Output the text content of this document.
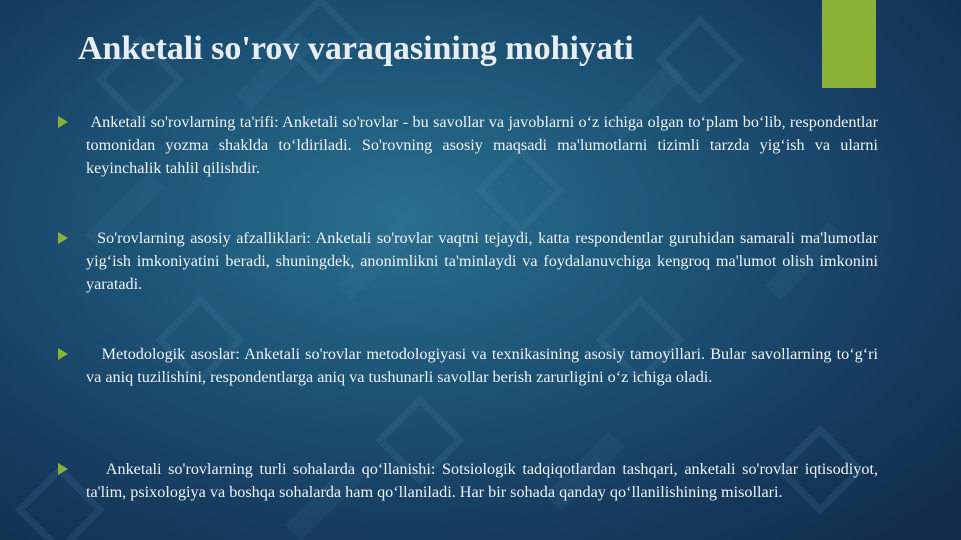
Anketali so'rov varaqasining mohiyati
Anketali so'rovlarning ta'rifi: Anketali so'rovlar - bu savollar va javoblarni o‘z ichiga olgan to‘plam bo‘lib, respondentlar tomonidan yozma shaklda to‘ldiriladi. So'rovning asosiy maqsadi ma'lumotlarni tizimli tarzda yig‘ish va ularni keyinchalik tahlil qilishdir.
So'rovlarning asosiy afzalliklari: Anketali so'rovlar vaqtni tejaydi, katta respondentlar guruhidan samarali ma'lumotlar yig‘ish imkoniyatini beradi, shuningdek, anonimlikni ta'minlaydi va foydalanuvchiga kengroq ma'lumot olish imkonini yaratadi.
Metodologik asoslar: Anketali so'rovlar metodologiyasi va texnikasining asosiy tamoyillari. Bular savollarning to‘g‘ri va aniq tuzilishini, respondentlarga aniq va tushunarli savollar berish zarurligini o‘z ichiga oladi.
Anketali so'rovlarning turli sohalarda qo‘llanishi: Sotsiologik tadqiqotlardan tashqari, anketali so'rovlar iqtisodiyot, ta'lim, psixologiya va boshqa sohalarda ham qo‘llaniladi. Har bir sohada qanday qo‘llanilishining misollari.
